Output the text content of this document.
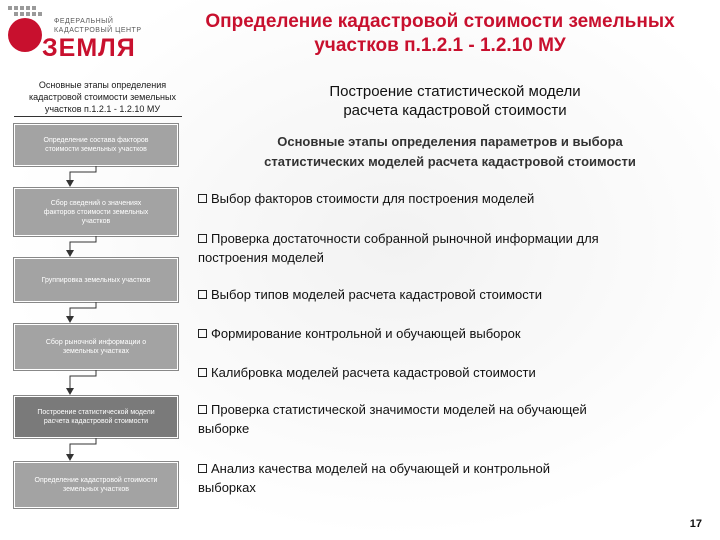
ФЕДЕРАЛЬНЫЙ
КАДАСТРОВЫЙ ЦЕНТР
ЗЕМЛЯ
Определение кадастровой стоимости земельных
участков п.1.2.1 - 1.2.10 МУ
Основные этапы определения
кадастровой стоимости земельных
участков п.1.2.1 - 1.2.10 МУ
Определение состава факторов
стоимости земельных участков
Сбор сведений о значениях
факторов стоимости земельных
участков
Группировка земельных участков
Сбор рыночной информации о
земельных участках
Построение статистической модели
расчета кадастровой стоимости
Определение кадастровой стоимости
земельных участков
Построение статистической модели
расчета кадастровой стоимости
Основные этапы определения параметров и выбора
статистических моделей расчета кадастровой стоимости
Выбор факторов стоимости для построения моделей
Проверка достаточности собранной рыночной информации для
построения моделей
Выбор типов моделей расчета кадастровой стоимости
Формирование контрольной и обучающей выборок
Калибровка моделей расчета кадастровой стоимости
Проверка статистической значимости моделей на обучающей
выборке
Анализ качества моделей на обучающей и контрольной
выборках
17
